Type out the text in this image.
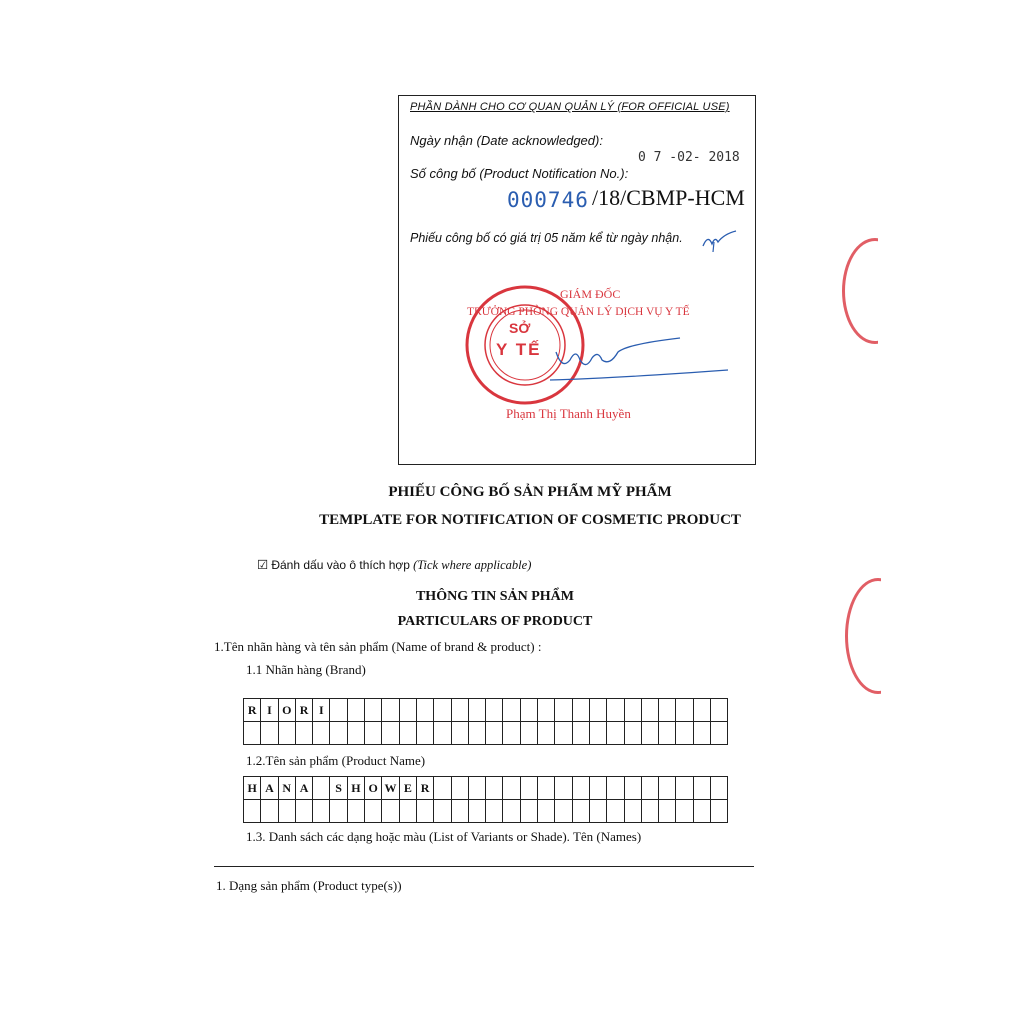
PHẦN DÀNH CHO CƠ QUAN QUẢN LÝ (FOR OFFICIAL USE)
Ngày nhận (Date acknowledged):
0 7 -02- 2018
Số công bố (Product Notification No.):
000746 /18/CBMP-HCM
Phiếu công bố có giá trị 05 năm kể từ ngày nhận.
SỞ
Y TẾ
GIÁM ĐỐC
TRƯỞNG PHÒNG QUẢN LÝ DỊCH VỤ Y TẾ
Phạm Thị Thanh Huyền
PHIẾU CÔNG BỐ SẢN PHẨM MỸ PHẨM
TEMPLATE FOR NOTIFICATION OF COSMETIC PRODUCT
☑ Đánh dấu vào ô thích hợp (Tick where applicable)
THÔNG TIN SẢN PHẨM
PARTICULARS OF PRODUCT
1.Tên nhãn hàng và tên sản phẩm (Name of brand & product) :
1.1 Nhãn hàng (Brand)
R	I	O	R	I																							

1.2.Tên sản phẩm (Product Name)
H	A	N	A		S	H	O	W	E	R																	

1.3. Danh sách các dạng hoặc màu (List of Variants or Shade). Tên (Names)
1. Dạng sản phẩm (Product type(s))
